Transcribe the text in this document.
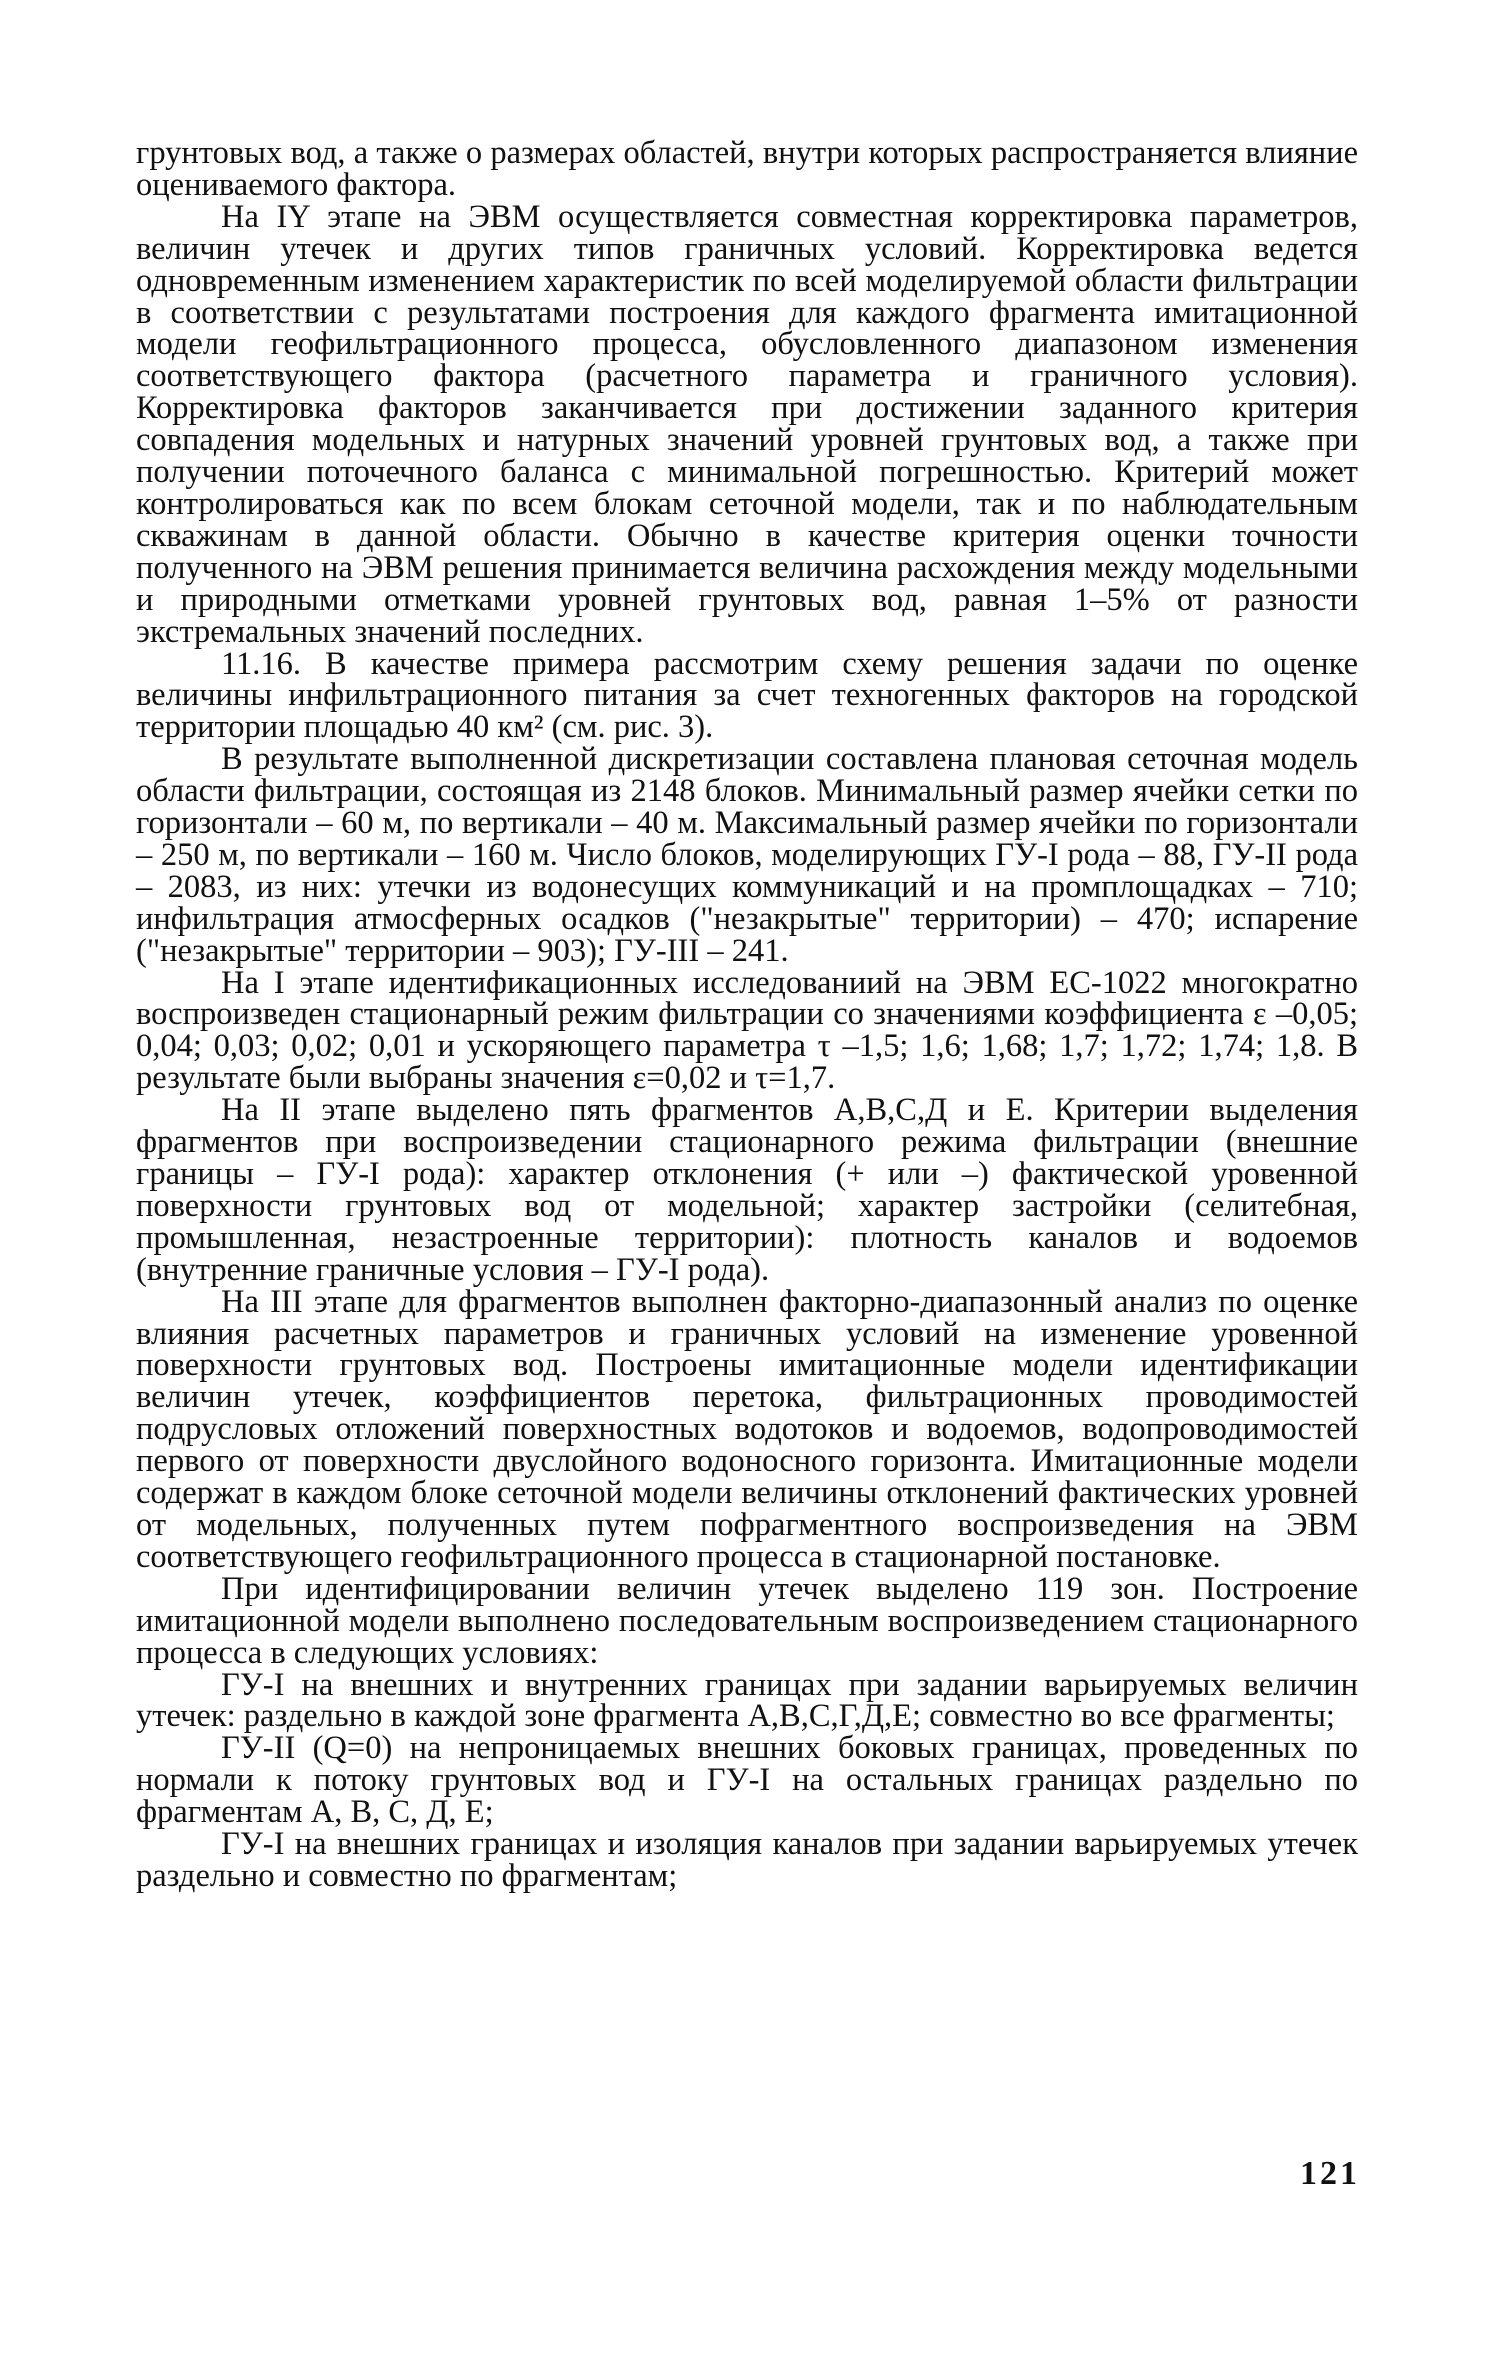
грунтовых вод, а также о размерах областей, внутри которых распространяется влияние оцениваемого фактора.

На IY этапе на ЭВМ осуществляется совместная корректировка параметров, величин утечек и других типов граничных условий. Корректировка ведется одновременным изменением характеристик по всей моделируемой области фильтрации в соответствии с результатами построения для каждого фрагмента имитационной модели геофильтрационного процесса, обусловленного диапазоном изменения соответствующего фактора (расчетного параметра и граничного условия). Корректировка факторов заканчивается при достижении заданного критерия совпадения модельных и натурных значений уровней грунтовых вод, а также при получении поточечного баланса с минимальной погрешностью. Критерий может контролироваться как по всем блокам сеточной модели, так и по наблюдательным скважинам в данной области. Обычно в качестве критерия оценки точности полученного на ЭВМ решения принимается величина расхождения между модельными и природными отметками уровней грунтовых вод, равная 1–5% от разности экстремальных значений последних.

11.16. В качестве примера рассмотрим схему решения задачи по оценке величины инфильтрационного питания за счет техногенных факторов на городской территории площадью 40 км² (см. рис. 3).

В результате выполненной дискретизации составлена плановая сеточная модель области фильтрации, состоящая из 2148 блоков. Минимальный размер ячейки сетки по горизонтали – 60 м, по вертикали – 40 м. Максимальный размер ячейки по горизонтали – 250 м, по вертикали – 160 м. Число блоков, моделирующих ГУ-I рода – 88, ГУ-II рода – 2083, из них: утечки из водонесущих коммуникаций и на промплощадках – 710; инфильтрация атмосферных осадков ("незакрытые" территории) – 470; испарение ("незакрытые" территории – 903); ГУ-III – 241.

На I этапе идентификационных исследованиий на ЭВМ ЕС-1022 многократно воспроизведен стационарный режим фильтрации со значениями коэффициента ε –0,05; 0,04; 0,03; 0,02; 0,01 и ускоряющего параметра τ –1,5; 1,6; 1,68; 1,7; 1,72; 1,74; 1,8. В результате были выбраны значения ε=0,02 и τ=1,7.

На II этапе выделено пять фрагментов А,В,С,Д и Е. Критерии выделения фрагментов при воспроизведении стационарного режима фильтрации (внешние границы – ГУ-I рода): характер отклонения (+ или –) фактической уровенной поверхности грунтовых вод от модельной; характер застройки (селитебная, промышленная, незастроенные территории): плотность каналов и водоемов (внутренние граничные условия – ГУ-I рода).

На III этапе для фрагментов выполнен факторно-диапазонный анализ по оценке влияния расчетных параметров и граничных условий на изменение уровенной поверхности грунтовых вод. Построены имитационные модели идентификации величин утечек, коэффициентов перетока, фильтрационных проводимостей подрусловых отложений поверхностных водотоков и водоемов, водопроводимостей первого от поверхности двуслойного водоносного горизонта. Имитационные модели содержат в каждом блоке сеточной модели величины отклонений фактических уровней от модельных, полученных путем пофрагментного воспроизведения на ЭВМ соответствующего геофильтрационного процесса в стационарной постановке.

При идентифицировании величин утечек выделено 119 зон. Построение имитационной модели выполнено последовательным воспроизведением стационарного процесса в следующих условиях:

ГУ-I на внешних и внутренних границах при задании варьируемых величин утечек: раздельно в каждой зоне фрагмента А,В,С,Г,Д,Е; совместно во все фрагменты;

ГУ-II (Q=0) на непроницаемых внешних боковых границах, проведенных по нормали к потоку грунтовых вод и ГУ-I на остальных границах раздельно по фрагментам А, В, С, Д, Е;

ГУ-I на внешних границах и изоляция каналов при задании варьируемых утечек раздельно и совместно по фрагментам;

121
